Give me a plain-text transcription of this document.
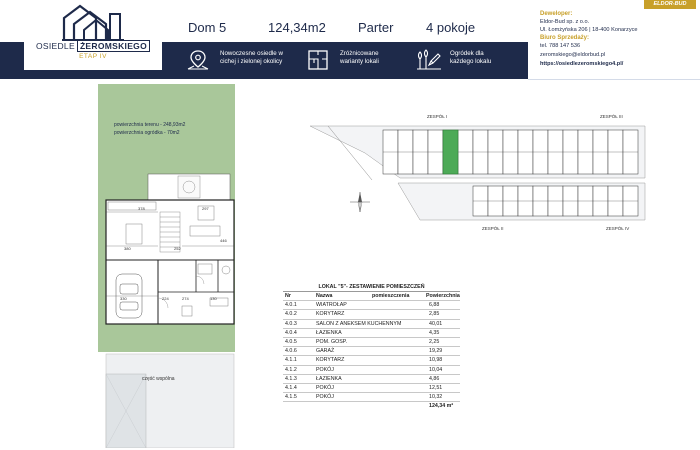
OSIEDLE ŻEROMSKIEGO
ETAP IV
Dom 5	124,34m2 Parter	4 pokoje
Nowoczesne osiedle w
cichej i zielonej okolicy
Zróżnicowane
warianty lokali
Ogródek dla
każdego lokalu
ELDOR-BUD
Deweloper:
Eldor-Bud sp. z o.o.
Ul. Łomżyńska 206 | 18-400 Konarzyce
Biuro Sprzedaży:
tel. 788 147 536
zeromskiego@eldorbud.pl
https://osiedlezeromskiego4.pl/
powierzchnia terenu - 248,93m2
powierzchnia ogródka - 70m2
378	297
380	252
446
330	224	274	130
część wspólna
ZESPÓŁ I	ZESPÓŁ III
ZESPÓŁ II	ZESPÓŁ IV
LOKAL "5"- ZESTAWIENIE POMIESZCZEŃ
Nr	Nazwa	pomieszczenia	Powierzchnia
4.0.1	WIATROŁAP	6,88
4.0.2	KORYTARZ	2,85
4.0.3	SALON Z ANEKSEM KUCHENNYM	40,01
4.0.4	ŁAZIENKA	4,35
4.0.5	POM. GOSP.	2,25
4.0.6	GARAŻ	19,29
4.1.1	KORYTARZ	10,98
4.1.2	POKÓJ	10,04
4.1.3	ŁAZIENKA	4,86
4.1.4	POKÓJ	12,51
4.1.5	POKÓJ	10,32
124,34 m²
